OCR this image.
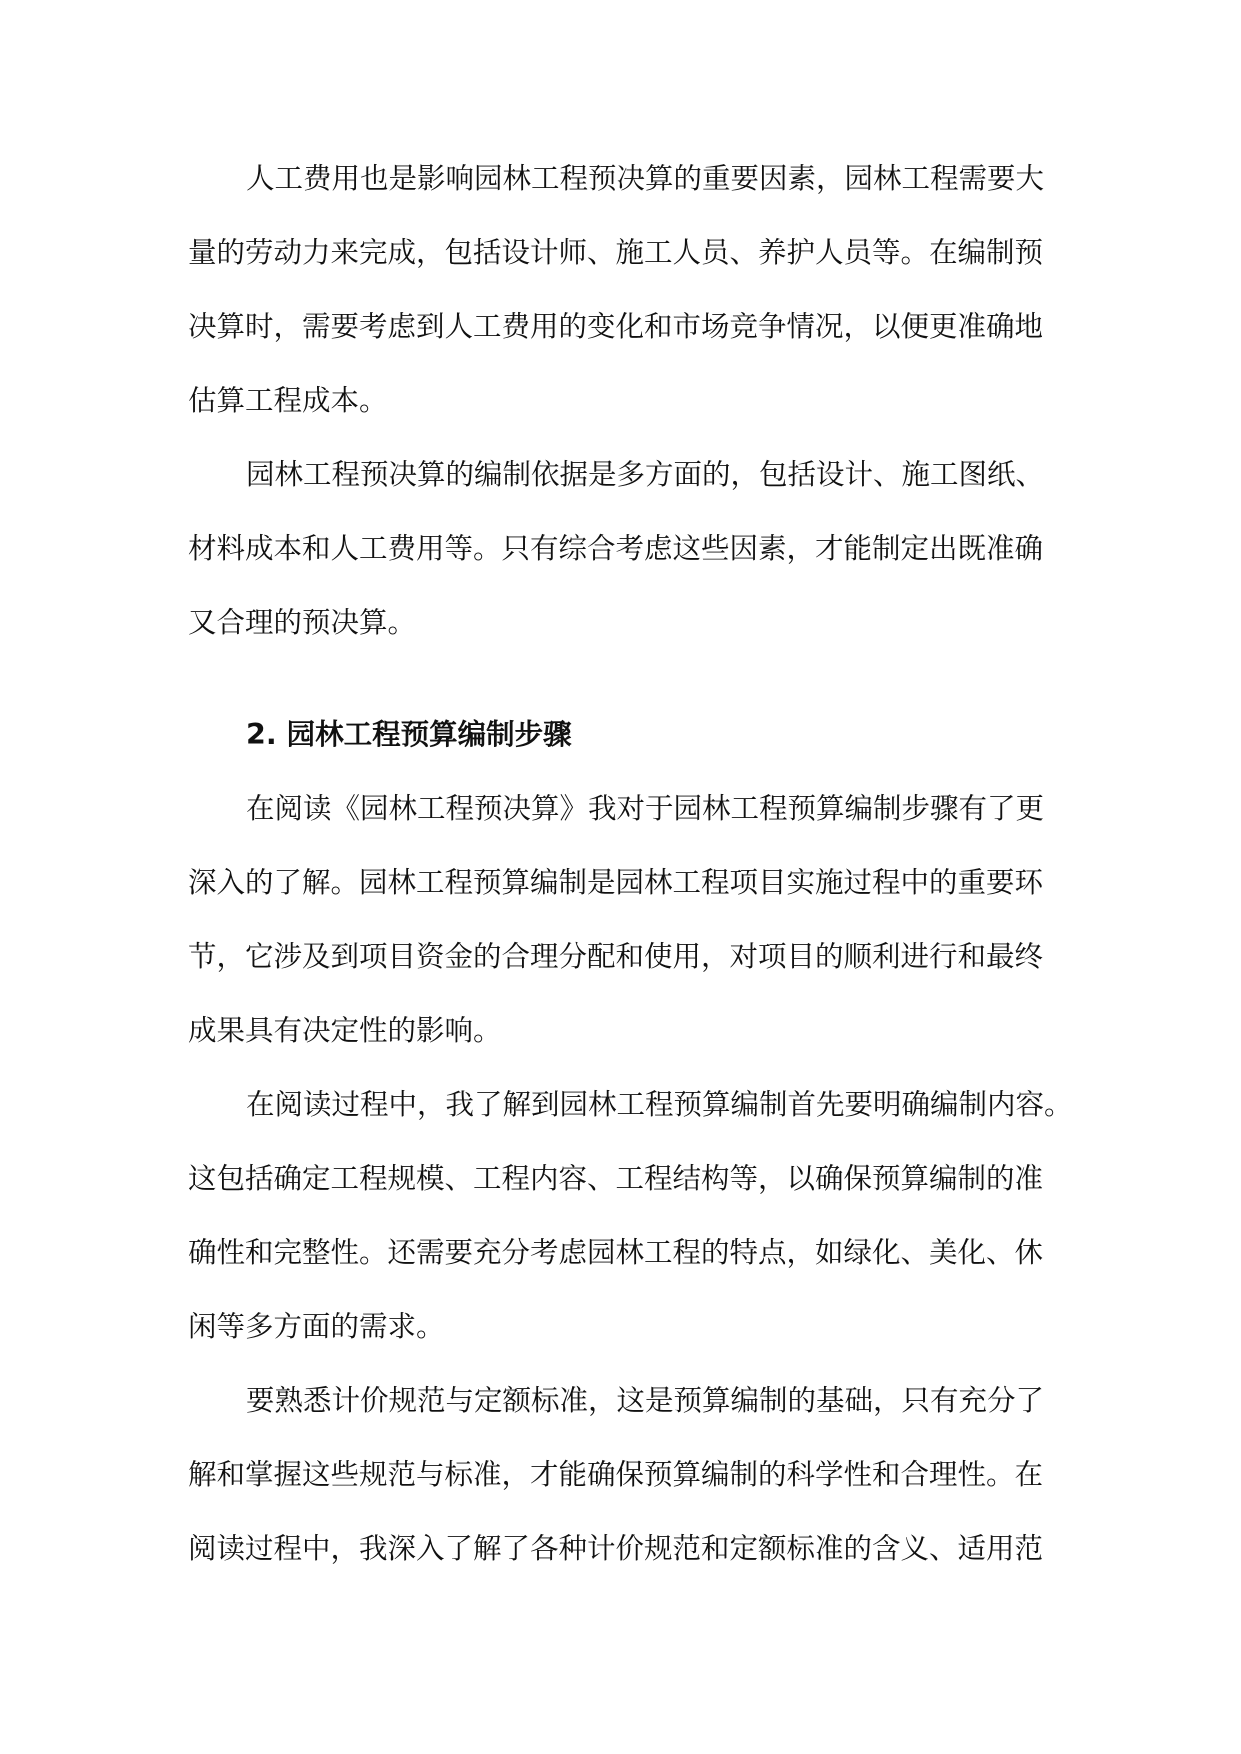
人工费用也是影响园林工程预决算的重要因素，园林工程需要大
量的劳动力来完成，包括设计师、施工人员、养护人员等。在编制预
决算时，需要考虑到人工费用的变化和市场竞争情况，以便更准确地
估算工程成本。
园林工程预决算的编制依据是多方面的，包括设计、施工图纸、
材料成本和人工费用等。只有综合考虑这些因素，才能制定出既准确
又合理的预决算。
2. 园林工程预算编制步骤
在阅读《园林工程预决算》我对于园林工程预算编制步骤有了更
深入的了解。园林工程预算编制是园林工程项目实施过程中的重要环
节，它涉及到项目资金的合理分配和使用，对项目的顺利进行和最终
成果具有决定性的影响。
在阅读过程中，我了解到园林工程预算编制首先要明确编制内容。
这包括确定工程规模、工程内容、工程结构等，以确保预算编制的准
确性和完整性。还需要充分考虑园林工程的特点，如绿化、美化、休
闲等多方面的需求。
要熟悉计价规范与定额标准，这是预算编制的基础，只有充分了
解和掌握这些规范与标准，才能确保预算编制的科学性和合理性。在
阅读过程中，我深入了解了各种计价规范和定额标准的含义、适用范
